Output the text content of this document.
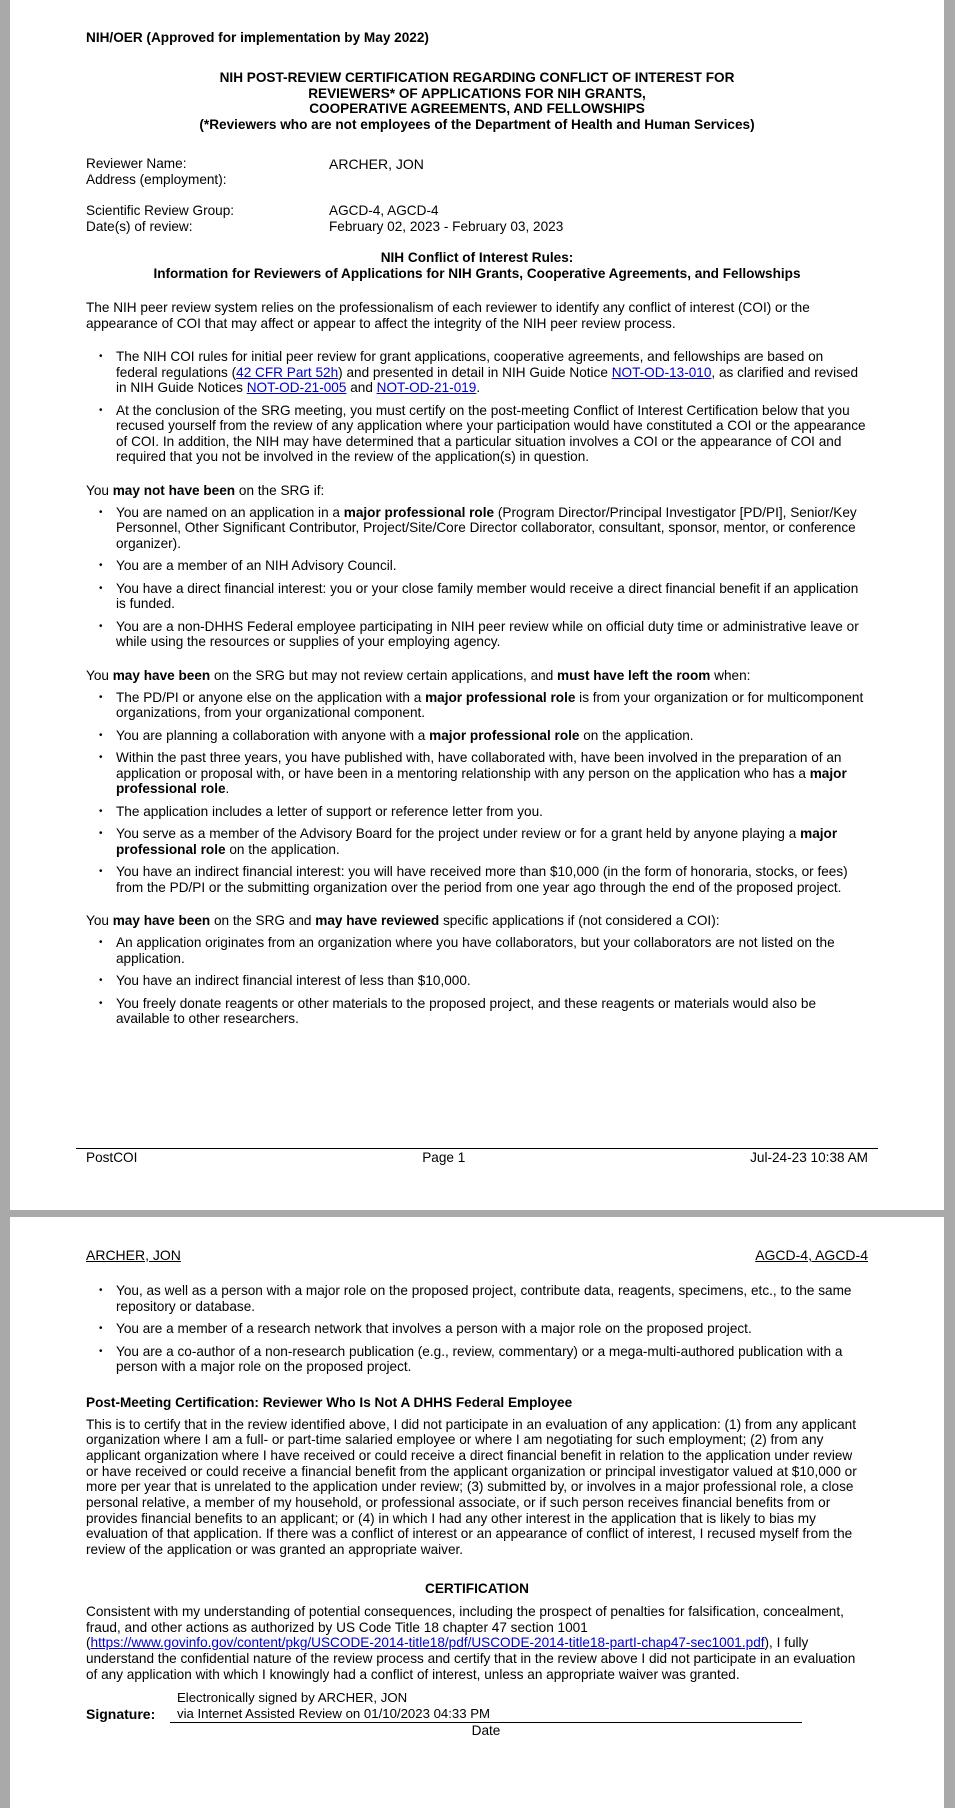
NIH/OER (Approved for implementation by May 2022)
NIH POST-REVIEW CERTIFICATION REGARDING CONFLICT OF INTEREST FOR
REVIEWERS* OF APPLICATIONS FOR NIH GRANTS,
COOPERATIVE AGREEMENTS, AND FELLOWSHIPS
(*Reviewers who are not employees of the Department of Health and Human Services)
Reviewer Name:	ARCHER, JON
Address (employment):
Scientific Review Group:	AGCD-4, AGCD-4
Date(s) of review:	February 02, 2023 - February 03, 2023
NIH Conflict of Interest Rules:
Information for Reviewers of Applications for NIH Grants, Cooperative Agreements, and Fellowships

The NIH peer review system relies on the professionalism of each reviewer to identify any conflict of interest (COI) or the appearance of COI that may affect or appear to affect the integrity of the NIH peer review process.

• The NIH COI rules for initial peer review for grant applications, cooperative agreements, and fellowships are based on federal regulations (42 CFR Part 52h) and presented in detail in NIH Guide Notice NOT-OD-13-010, as clarified and revised in NIH Guide Notices NOT-OD-21-005 and NOT-OD-21-019.
• At the conclusion of the SRG meeting, you must certify on the post-meeting Conflict of Interest Certification below that you recused yourself from the review of any application where your participation would have constituted a COI or the appearance of COI. In addition, the NIH may have determined that a particular situation involves a COI or the appearance of COI and required that you not be involved in the review of the application(s) in question.

You may not have been on the SRG if:

• You are named on an application in a major professional role (Program Director/Principal Investigator [PD/PI], Senior/Key Personnel, Other Significant Contributor, Project/Site/Core Director collaborator, consultant, sponsor, mentor, or conference organizer).
• You are a member of an NIH Advisory Council.
• You have a direct financial interest: you or your close family member would receive a direct financial benefit if an application is funded.
• You are a non-DHHS Federal employee participating in NIH peer review while on official duty time or administrative leave or while using the resources or supplies of your employing agency.

You may have been on the SRG but may not review certain applications, and must have left the room when:

• The PD/PI or anyone else on the application with a major professional role is from your organization or for multicomponent organizations, from your organizational component.
• You are planning a collaboration with anyone with a major professional role on the application.
• Within the past three years, you have published with, have collaborated with, have been involved in the preparation of an application or proposal with, or have been in a mentoring relationship with any person on the application who has a major professional role.
• The application includes a letter of support or reference letter from you.
• You serve as a member of the Advisory Board for the project under review or for a grant held by anyone playing a major professional role on the application.
• You have an indirect financial interest: you will have received more than $10,000 (in the form of honoraria, stocks, or fees) from the PD/PI or the submitting organization over the period from one year ago through the end of the proposed project.

You may have been on the SRG and may have reviewed specific applications if (not considered a COI):

• An application originates from an organization where you have collaborators, but your collaborators are not listed on the application.
• You have an indirect financial interest of less than $10,000.
• You freely donate reagents or other materials to the proposed project, and these reagents or materials would also be available to other researchers.
PostCOI	Page 1	Jul-24-23 10:38 AM
ARCHER, JON	AGCD-4, AGCD-4
• You, as well as a person with a major role on the proposed project, contribute data, reagents, specimens, etc., to the same repository or database.
• You are a member of a research network that involves a person with a major role on the proposed project.
• You are a co-author of a non-research publication (e.g., review, commentary) or a mega-multi-authored publication with a person with a major role on the proposed project.
Post-Meeting Certification: Reviewer Who Is Not A DHHS Federal Employee

This is to certify that in the review identified above, I did not participate in an evaluation of any application: (1) from any applicant organization where I am a full- or part-time salaried employee or where I am negotiating for such employment; (2) from any applicant organization where I have received or could receive a direct financial benefit in relation to the application under review or have received or could receive a financial benefit from the applicant organization or principal investigator valued at $10,000 or more per year that is unrelated to the application under review; (3) submitted by, or involves in a major professional role, a close personal relative, a member of my household, or professional associate, or if such person receives financial benefits from or provides financial benefits to an applicant; or (4) in which I had any other interest in the application that is likely to bias my evaluation of that application. If there was a conflict of interest or an appearance of conflict of interest, I recused myself from the review of the application or was granted an appropriate waiver.

CERTIFICATION

Consistent with my understanding of potential consequences, including the prospect of penalties for falsification, concealment, fraud, and other actions as authorized by US Code Title 18 chapter 47 section 1001 (https://www.govinfo.gov/content/pkg/USCODE-2014-title18/pdf/USCODE-2014-title18-partI-chap47-sec1001.pdf), I fully understand the confidential nature of the review process and certify that in the review above I did not participate in an evaluation of any application with which I knowingly had a conflict of interest, unless an appropriate waiver was granted.

Signature:
Electronically signed by ARCHER, JON
via Internet Assisted Review on 01/10/2023 04:33 PM
Date
